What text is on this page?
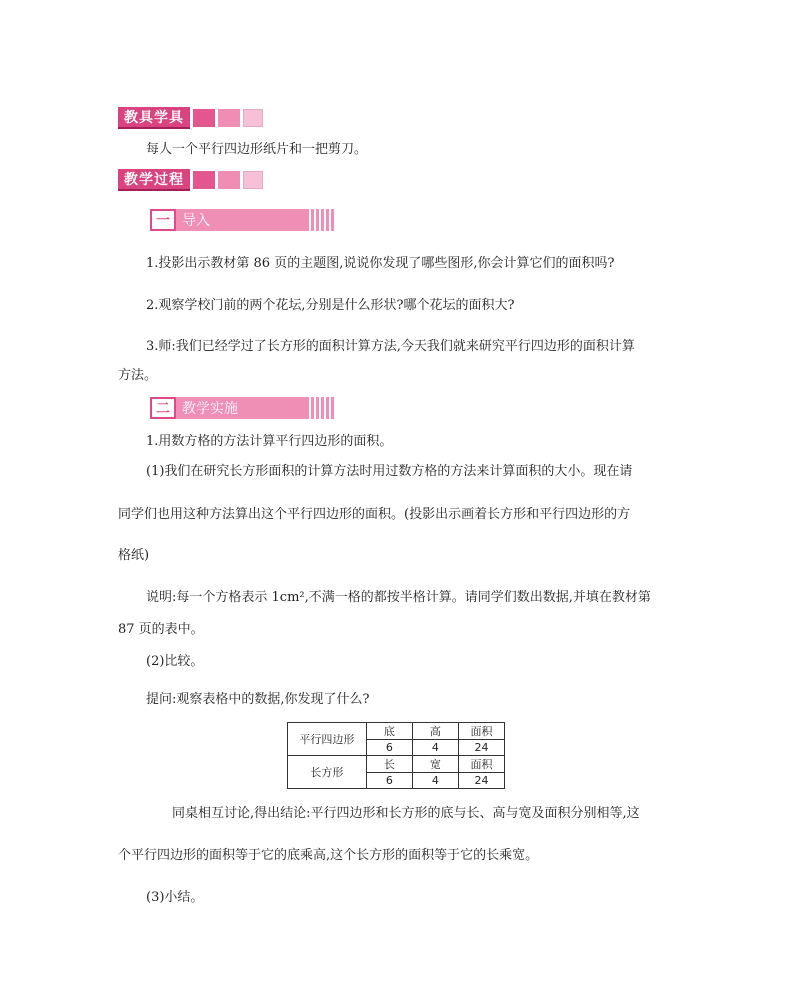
教具学具
每人一个平行四边形纸片和一把剪刀。
教学过程
一 导入
1.投影出示教材第 86 页的主题图,说说你发现了哪些图形,你会计算它们的面积吗?
2.观察学校门前的两个花坛,分别是什么形状?哪个花坛的面积大?
3.师:我们已经学过了长方形的面积计算方法,今天我们就来研究平行四边形的面积计算
方法。
二 教学实施
1.用数方格的方法计算平行四边形的面积。
(1)我们在研究长方形面积的计算方法时用过数方格的方法来计算面积的大小。现在请
同学们也用这种方法算出这个平行四边形的面积。(投影出示画着长方形和平行四边形的方
格纸)
说明:每一个方格表示 1cm²,不满一格的都按半格计算。请同学们数出数据,并填在教材第
87 页的表中。
(2)比较。
提问:观察表格中的数据,你发现了什么?
平行四边形	底	高	面积
	6	4	24
长方形	长	宽	面积
	6	4	24
同桌相互讨论,得出结论:平行四边形和长方形的底与长、高与宽及面积分别相等,这
个平行四边形的面积等于它的底乘高,这个长方形的面积等于它的长乘宽。
(3)小结。
